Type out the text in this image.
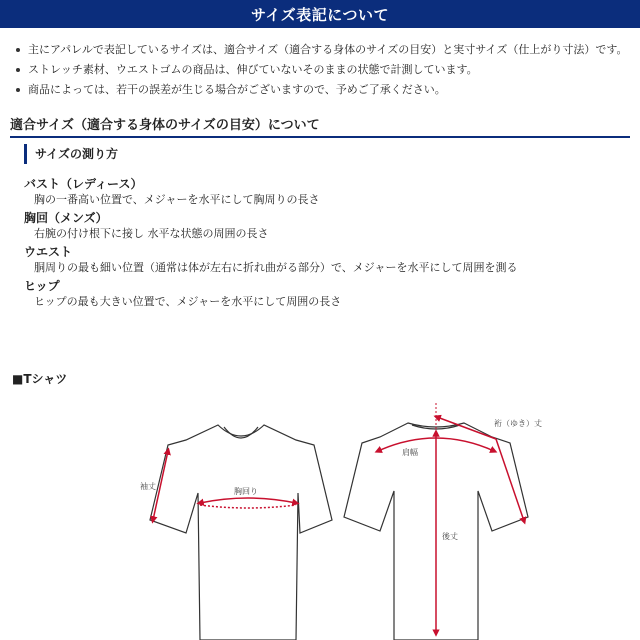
サイズ表記について
主にアパレルで表記しているサイズは、適合サイズ（適合する身体のサイズの目安）と実寸サイズ（仕上がり寸法）です。
ストレッチ素材、ウエストゴムの商品は、伸びていないそのままの状態で計測しています。
商品によっては、若干の誤差が生じる場合がございますので、予めご了承ください。
適合サイズ（適合する身体のサイズの目安）について
サイズの測り方
バスト（レディース）
胸の一番高い位置で、メジャーを水平にして胸周りの長さ
胸回（メンズ）
右腕の付け根下に接し 水平な状態の周囲の長さ
ウエスト
胴周りの最も細い位置（通常は体が左右に折れ曲がる部分）で、メジャーを水平にして周囲を測る
ヒップ
ヒップの最も大きい位置で、メジャーを水平にして周囲の長さ
■Tシャツ
袖丈
胸回り
肩幅
裄（ゆき）丈
後丈
